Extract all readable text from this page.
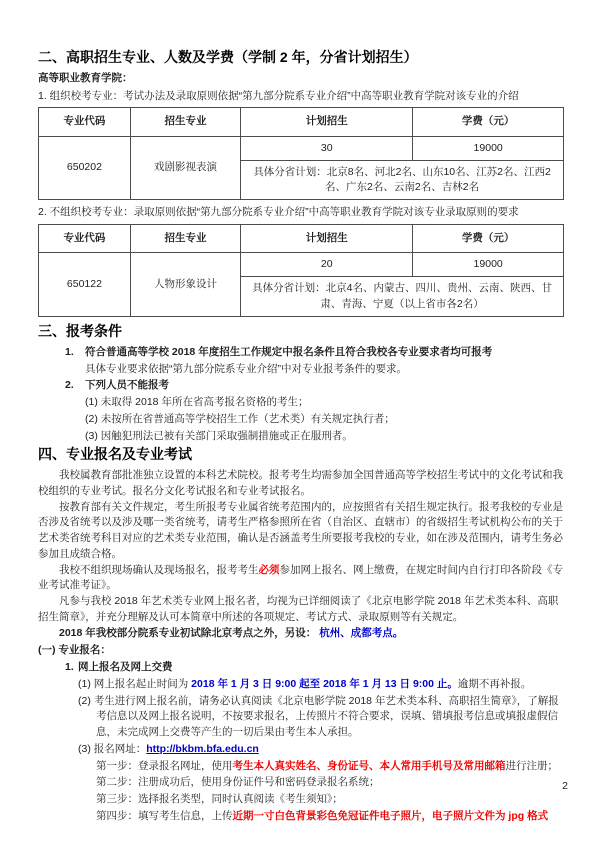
二、高职招生专业、人数及学费（学制 2 年，分省计划招生）

高等职业教育学院：

1. 组织校考专业：考试办法及录取原则依据“第九部分院系专业介绍”中高等职业教育学院对该专业的介绍

专业代码	招生专业	计划招生	学费（元）
650202	戏剧影视表演	30	19000
		具体分省计划：北京8名、河北2名、山东10名、江苏2名、江西2名、广东2名、云南2名、吉林2名	

2. 不组织校考专业：录取原则依据“第九部分院系专业介绍”中高等职业教育学院对该专业录取原则的要求

专业代码	招生专业	计划招生	学费（元）
650122	人物形象设计	20	19000
		具体分省计划：北京4名、内蒙古、四川、贵州、云南、陕西、甘肃、青海、宁夏（以上省市各2名）	
三、报考条件
1. 符合普通高等学校 2018 年度招生工作规定中报名条件且符合我校各专业要求者均可报考

具体专业要求依据“第九部分院系专业介绍”中对专业报考条件的要求。

2. 下列人员不能报考

(1) 未取得 2018 年所在省高考报名资格的考生；

(2) 未按所在省普通高等学校招生工作（艺术类）有关规定执行者；

(3) 因触犯刑法已被有关部门采取强制措施或正在服刑者。

四、专业报名及专业考试

我校属教育部批准独立设置的本科艺术院校。报考考生均需参加全国普通高等学校招生考试中的文化考试和我校组织的专业考试。报名分文化考试报名和专业考试报名。

按教育部有关文件规定，考生所报考专业属省统考范围内的，应按照省有关招生规定执行。报考我校的专业是否涉及省统考以及涉及哪一类省统考，请考生严格参照所在省（自治区、直辖市）的省级招生考试机构公布的关于艺术类省统考科目对应的艺术类专业范围，确认是否涵盖考生所要报考我校的专业，如在涉及范围内，请考生务必参加且成绩合格。

我校不组织现场确认及现场报名，报考考生必须参加网上报名、网上缴费，在规定时间内自行打印各阶段《专业考试准考证》。

凡参与我校 2018 年艺术类专业网上报名者，均视为已详细阅读了《北京电影学院 2018 年艺术类本科、高职招生简章》，并充分理解及认可本简章中所述的各项规定、考试方式、录取原则等有关规定。

2018 年我校部分院系专业初试除北京考点之外，另设： 杭州、成都考点。

(一) 专业报名：

1. 网上报名及网上交费

(1) 网上报名起止时间为 2018 年 1 月 3 日 9:00 起至 2018 年 1 月 13 日 9:00 止。逾期不再补报。

(2) 考生进行网上报名前，请务必认真阅读《北京电影学院 2018 年艺术类本科、高职招生简章》，了解报考信息以及网上报名说明，不按要求报名，上传照片不符合要求，误填、错填报考信息或填报虚假信息，未完成网上交费等产生的一切后果由考生本人承担。

(3) 报名网址：http://bkbm.bfa.edu.cn

第一步：登录报名网址，使用考生本人真实姓名、身份证号、本人常用手机号及常用邮箱进行注册；

第二步：注册成功后，使用身份证件号和密码登录报名系统；

第三步：选择报名类型，同时认真阅读《考生须知》；

第四步：填写考生信息，上传近期一寸白色背景彩色免冠证件电子照片，电子照片文件为 jpg 格式

2
